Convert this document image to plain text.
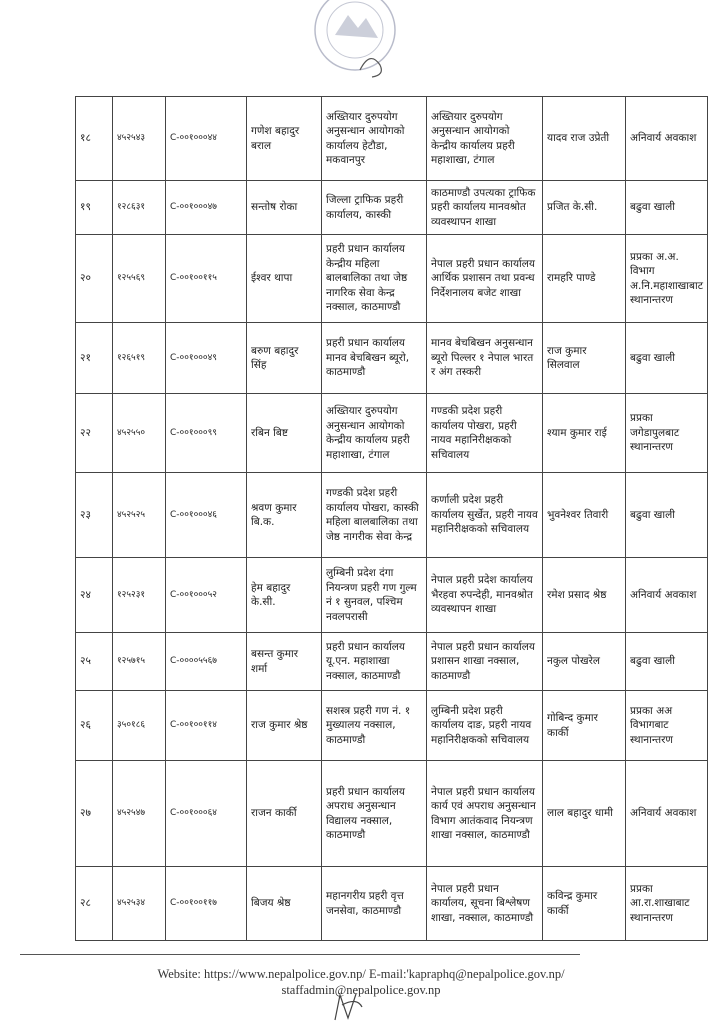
१८	४५२५४३	C-००१०००४४	गणेश बहादुर बराल	अख्तियार दुरुपयोग अनुसन्धान आयोगको कार्यालय हेटौडा, मकवानपुर	अख्तियार दुरुपयोग अनुसन्धान आयोगको केन्द्रीय कार्यालय प्रहरी महाशाखा, टंगाल	यादव राज उप्रेती	अनिवार्य अवकाश
१९	१२८६३१	C-००१०००४७	सन्तोष रोका	जिल्ला ट्राफिक प्रहरी कार्यालय, कास्की	काठमाण्डौ उपत्यका ट्राफिक प्रहरी कार्यालय मानवश्रोत व्यवस्थापन शाखा	प्रजित के.सी.	बढुवा खाली
२०	१२५५६९	C-००१००११५	ईश्वर थापा	प्रहरी प्रधान कार्यालय केन्द्रीय महिला बालबालिका तथा जेष्ठ नागरिक सेवा केन्द्र नक्साल, काठमाण्डौ	नेपाल प्रहरी प्रधान कार्यालय आर्थिक प्रशासन तथा प्रवन्ध निर्देशनालय बजेट शाखा	रामहरि पाण्डे	प्रप्रका अ.अ. विभाग अ.नि.महाशाखाबाट स्थानान्तरण
२१	१२६५१९	C-००१०००४९	बरुण बहादुर सिंह	प्रहरी प्रधान कार्यालय मानव बेचबिखन ब्यूरो, काठमाण्डौ	मानव बेचबिखन अनुसन्धान ब्यूरो पिल्लर १ नेपाल भारत र अंग तस्करी	राज कुमार सिलवाल	बढुवा खाली
२२	४५२५५०	C-००१०००९९	रबिन बिष्ट	अख्तियार दुरुपयोग अनुसन्धान आयोगको केन्द्रीय कार्यालय प्रहरी महाशाखा, टंगाल	गण्डकी प्रदेश प्रहरी कार्यालय पोखरा, प्रहरी नायव महानिरीक्षकको सचिवालय	श्याम कुमार राई	प्रप्रका जगेडापुलबाट स्थानान्तरण
२३	४५२५२५	C-००१०००४६	श्रवण कुमार बि.क.	गण्डकी प्रदेश प्रहरी कार्यालय पोखरा, कास्की महिला बालबालिका तथा जेष्ठ नागरीक सेवा केन्द्र	कर्णाली प्रदेश प्रहरी कार्यालय सुर्खेत, प्रहरी नायव महानिरीक्षकको सचिवालय	भुवनेश्वर तिवारी	बढुवा खाली
२४	१२५२३१	C-००१०००५२	हेम बहादुर के.सी.	लुम्बिनी प्रदेश दंगा नियन्त्रण प्रहरी गण गुल्म नं १ सुनवल, पश्चिम नवलपरासी	नेपाल प्रहरी प्रदेश कार्यालय भैरहवा रुपन्देही, मानवश्रोत व्यवस्थापन शाखा	रमेश प्रसाद श्रेष्ठ	अनिवार्य अवकाश
२५	१२५७१५	C-००००५५६७	बसन्त कुमार शर्मा	प्रहरी प्रधान कार्यालय यू.एन. महाशाखा नक्साल, काठमाण्डौ	नेपाल प्रहरी प्रधान कार्यालय प्रशासन शाखा नक्साल, काठमाण्डौ	नकुल पोखरेल	बढुवा खाली
२६	३५०१८६	C-००१००११४	राज कुमार श्रेष्ठ	सशस्त्र प्रहरी गण नं. १ मुख्यालय नक्साल, काठमाण्डौ	लुम्बिनी प्रदेश प्रहरी कार्यालय दाङ, प्रहरी नायव महानिरीक्षकको सचिवालय	गोबिन्द कुमार कार्की	प्रप्रका अअ विभागबाट स्थानान्तरण
२७	४५२५४७	C-००१०००६४	राजन कार्की	प्रहरी प्रधान कार्यालय अपराध अनुसन्धान विद्यालय नक्साल, काठमाण्डौ	नेपाल प्रहरी प्रधान कार्यालय कार्य एवं अपराध अनुसन्धान विभाग आतंकवाद नियन्त्रण शाखा नक्साल, काठमाण्डौ	लाल बहादुर धामी	अनिवार्य अवकाश
२८	४५२५३४	C-००१००११७	बिजय श्रेष्ठ	महानगरीय प्रहरी वृत्त जनसेवा, काठमाण्डौ	नेपाल प्रहरी प्रधान कार्यालय, सूचना बिश्लेषण शाखा, नक्साल, काठमाण्डौ	कविन्द्र कुमार कार्की	प्रप्रका आ.रा.शाखाबाट स्थानान्तरण
Website: https://www.nepalpolice.gov.np/ E-mail:'kapraphq@nepalpolice.gov.np/
staffadmin@nepalpolice.gov.np
